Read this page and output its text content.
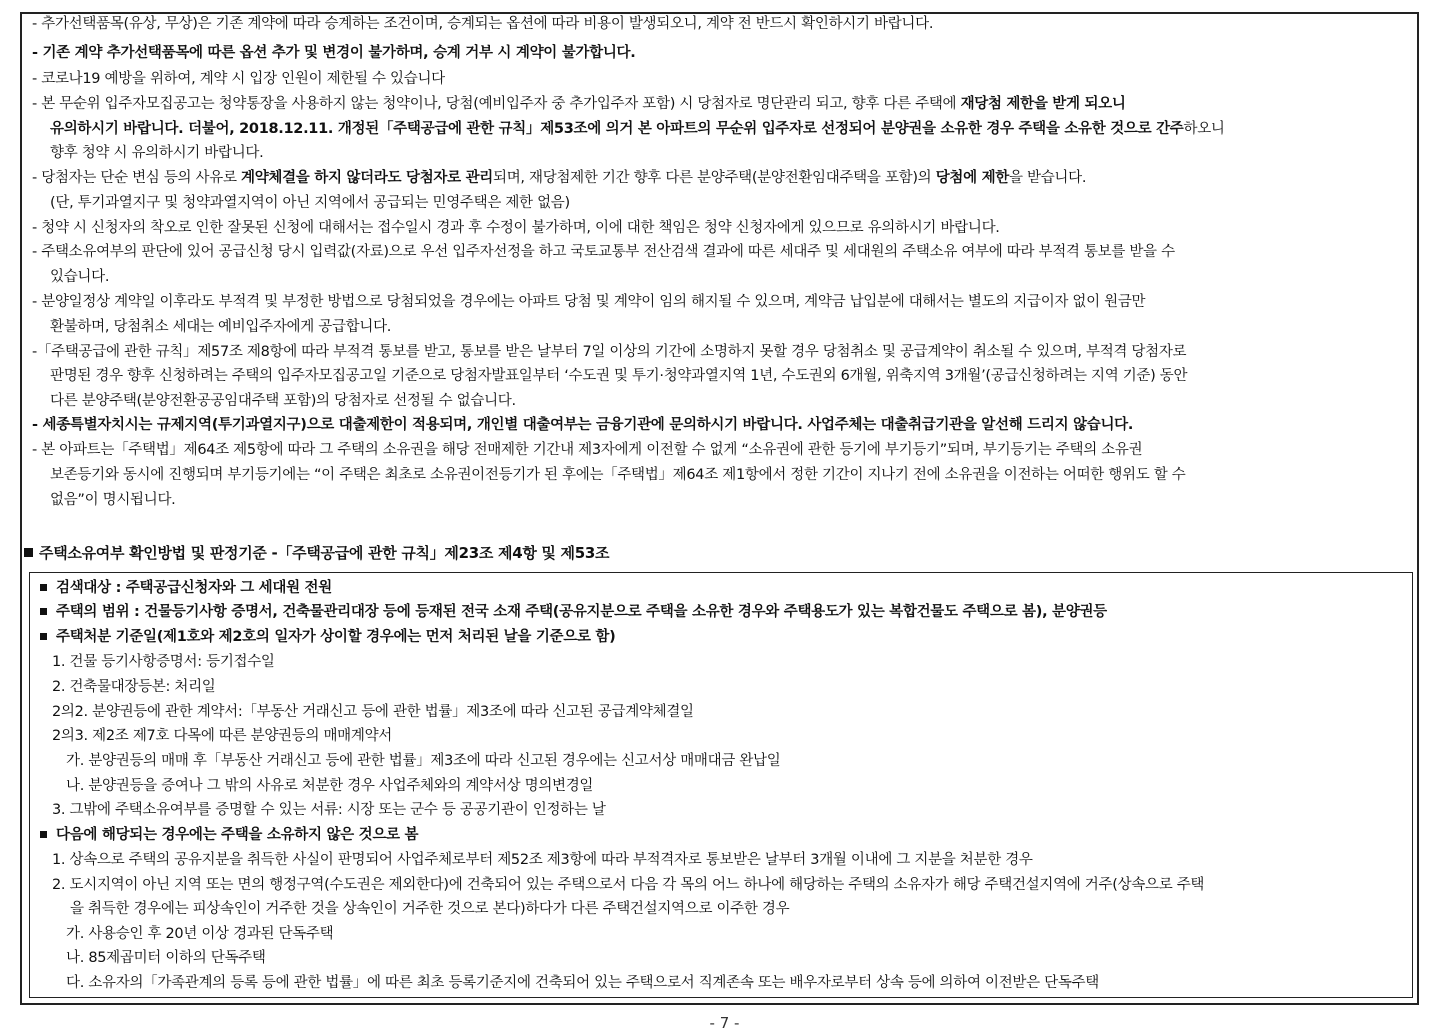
- 추가선택품목(유상, 무상)은 기존 계약에 따라 승계하는 조건이며, 승계되는 옵션에 따라 비용이 발생되오니, 계약 전 반드시 확인하시기 바랍니다.
- 기존 계약 추가선택품목에 따른 옵션 추가 및 변경이 불가하며, 승계 거부 시 계약이 불가합니다.
- 코로나19 예방을 위하여, 계약 시 입장 인원이 제한될 수 있습니다
- 본 무순위 입주자모집공고는 청약통장을 사용하지 않는 청약이나, 당첨(예비입주자 중 추가입주자 포함) 시 당첨자로 명단관리 되고, 향후 다른 주택에 재당첨 제한을 받게 되오니
유의하시기 바랍니다. 더불어, 2018.12.11. 개정된「주택공급에 관한 규칙」제53조에 의거 본 아파트의 무순위 입주자로 선정되어 분양권을 소유한 경우 주택을 소유한 것으로 간주하오니
향후 청약 시 유의하시기 바랍니다.
- 당첨자는 단순 변심 등의 사유로 계약체결을 하지 않더라도 당첨자로 관리되며, 재당첨제한 기간 향후 다른 분양주택(분양전환임대주택을 포함)의 당첨에 제한을 받습니다.
(단, 투기과열지구 및 청약과열지역이 아닌 지역에서 공급되는 민영주택은 제한 없음)
- 청약 시 신청자의 착오로 인한 잘못된 신청에 대해서는 접수일시 경과 후 수정이 불가하며, 이에 대한 책임은 청약 신청자에게 있으므로 유의하시기 바랍니다.
- 주택소유여부의 판단에 있어 공급신청 당시 입력값(자료)으로 우선 입주자선정을 하고 국토교통부 전산검색 결과에 따른 세대주 및 세대원의 주택소유 여부에 따라 부적격 통보를 받을 수
있습니다.
- 분양일정상 계약일 이후라도 부적격 및 부정한 방법으로 당첨되었을 경우에는 아파트 당첨 및 계약이 임의 해지될 수 있으며, 계약금 납입분에 대해서는 별도의 지급이자 없이 원금만
환불하며, 당첨취소 세대는 예비입주자에게 공급합니다.
-「주택공급에 관한 규칙」제57조 제8항에 따라 부적격 통보를 받고, 통보를 받은 날부터 7일 이상의 기간에 소명하지 못할 경우 당첨취소 및 공급계약이 취소될 수 있으며, 부적격 당첨자로
판명된 경우 향후 신청하려는 주택의 입주자모집공고일 기준으로 당첨자발표일부터 ‘수도권 및 투기·청약과열지역 1년, 수도권외 6개월, 위축지역 3개월’(공급신청하려는 지역 기준) 동안
다른 분양주택(분양전환공공임대주택 포함)의 당첨자로 선정될 수 없습니다.
- 세종특별자치시는 규제지역(투기과열지구)으로 대출제한이 적용되며, 개인별 대출여부는 금융기관에 문의하시기 바랍니다. 사업주체는 대출취급기관을 알선해 드리지 않습니다.
- 본 아파트는「주택법」제64조 제5항에 따라 그 주택의 소유권을 해당 전매제한 기간내 제3자에게 이전할 수 없게 “소유권에 관한 등기에 부기등기”되며, 부기등기는 주택의 소유권
보존등기와 동시에 진행되며 부기등기에는 “이 주택은 최초로 소유권이전등기가 된 후에는「주택법」제64조 제1항에서 정한 기간이 지나기 전에 소유권을 이전하는 어떠한 행위도 할 수
없음”이 명시됩니다.
주택소유여부 확인방법 및 판정기준 -「주택공급에 관한 규칙」제23조 제4항 및 제53조
검색대상 : 주택공급신청자와 그 세대원 전원
주택의 범위 : 건물등기사항 증명서, 건축물관리대장 등에 등재된 전국 소재 주택(공유지분으로 주택을 소유한 경우와 주택용도가 있는 복합건물도 주택으로 봄), 분양권등
주택처분 기준일(제1호와 제2호의 일자가 상이할 경우에는 먼저 처리된 날을 기준으로 함)
1. 건물 등기사항증명서: 등기접수일
2. 건축물대장등본: 처리일
2의2. 분양권등에 관한 계약서:「부동산 거래신고 등에 관한 법률」제3조에 따라 신고된 공급계약체결일
2의3. 제2조 제7호 다목에 따른 분양권등의 매매계약서
가. 분양권등의 매매 후「부동산 거래신고 등에 관한 법률」제3조에 따라 신고된 경우에는 신고서상 매매대금 완납일
나. 분양권등을 증여나 그 밖의 사유로 처분한 경우 사업주체와의 계약서상 명의변경일
3. 그밖에 주택소유여부를 증명할 수 있는 서류: 시장 또는 군수 등 공공기관이 인정하는 날
다음에 해당되는 경우에는 주택을 소유하지 않은 것으로 봄
1. 상속으로 주택의 공유지분을 취득한 사실이 판명되어 사업주체로부터 제52조 제3항에 따라 부적격자로 통보받은 날부터 3개월 이내에 그 지분을 처분한 경우
2. 도시지역이 아닌 지역 또는 면의 행정구역(수도권은 제외한다)에 건축되어 있는 주택으로서 다음 각 목의 어느 하나에 해당하는 주택의 소유자가 해당 주택건설지역에 거주(상속으로 주택
을 취득한 경우에는 피상속인이 거주한 것을 상속인이 거주한 것으로 본다)하다가 다른 주택건설지역으로 이주한 경우
가. 사용승인 후 20년 이상 경과된 단독주택
나. 85제곱미터 이하의 단독주택
다. 소유자의「가족관계의 등록 등에 관한 법률」에 따른 최초 등록기준지에 건축되어 있는 주택으로서 직계존속 또는 배우자로부터 상속 등에 의하여 이전받은 단독주택
- 7 -
